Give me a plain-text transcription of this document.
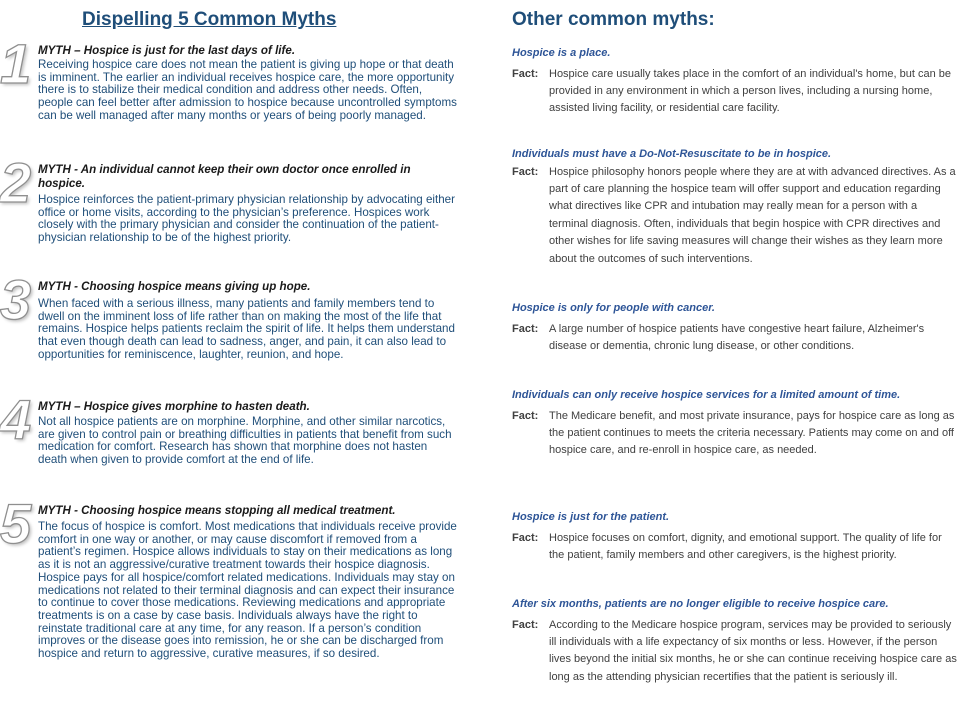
Dispelling 5 Common Myths
1 MYTH – Hospice is just for the last days of life.

Receiving hospice care does not mean the patient is giving up hope or that death is imminent. The earlier an individual receives hospice care, the more opportunity there is to stabilize their medical condition and address other needs. Often, people can feel better after admission to hospice because uncontrolled symptoms can be well managed after many months or years of being poorly managed.

2 MYTH - An individual cannot keep their own doctor once enrolled in hospice.

Hospice reinforces the patient-primary physician relationship by advocating either office or home visits, according to the physician’s preference. Hospices work closely with the primary physician and consider the continuation of the patient-physician relationship to be of the highest priority.

3 MYTH - Choosing hospice means giving up hope.

When faced with a serious illness, many patients and family members tend to dwell on the imminent loss of life rather than on making the most of the life that remains. Hospice helps patients reclaim the spirit of life. It helps them understand that even though death can lead to sadness, anger, and pain, it can also lead to opportunities for reminiscence, laughter, reunion, and hope.

4 MYTH – Hospice gives morphine to hasten death.

Not all hospice patients are on morphine. Morphine, and other similar narcotics, are given to control pain or breathing difficulties in patients that benefit from such medication for comfort. Research has shown that morphine does not hasten death when given to provide comfort at the end of life.

5 MYTH - Choosing hospice means stopping all medical treatment.

The focus of hospice is comfort. Most medications that individuals receive provide comfort in one way or another, or may cause discomfort if removed from a patient’s regimen. Hospice allows individuals to stay on their medications as long as it is not an aggressive/curative treatment towards their hospice diagnosis. Hospice pays for all hospice/comfort related medications. Individuals may stay on medications not related to their terminal diagnosis and can expect their insurance to continue to cover those medications. Reviewing medications and appropriate treatments is on a case by case basis. Individuals always have the right to reinstate traditional care at any time, for any reason. If a person’s condition improves or the disease goes into remission, he or she can be discharged from hospice and return to aggressive, curative measures, if so desired.

Other common myths:

Hospice is a place.

Fact: Hospice care usually takes place in the comfort of an individual's home, but can be provided in any environment in which a person lives, including a nursing home, assisted living facility, or residential care facility.

Individuals must have a Do-Not-Resuscitate to be in hospice.

Fact: Hospice philosophy honors people where they are at with advanced directives. As a part of care planning the hospice team will offer support and education regarding what directives like CPR and intubation may really mean for a person with a terminal diagnosis. Often, individuals that begin hospice with CPR directives and other wishes for life saving measures will change their wishes as they learn more about the outcomes of such interventions.

Hospice is only for people with cancer.

Fact: A large number of hospice patients have congestive heart failure, Alzheimer's disease or dementia, chronic lung disease, or other conditions.

Individuals can only receive hospice services for a limited amount of time.

Fact: The Medicare benefit, and most private insurance, pays for hospice care as long as the patient continues to meets the criteria necessary. Patients may come on and off hospice care, and re-enroll in hospice care, as needed.

Hospice is just for the patient.

Fact: Hospice focuses on comfort, dignity, and emotional support. The quality of life for the patient, family members and other caregivers, is the highest priority.

After six months, patients are no longer eligible to receive hospice care.

Fact: According to the Medicare hospice program, services may be provided to seriously ill individuals with a life expectancy of six months or less. However, if the person lives beyond the initial six months, he or she can continue receiving hospice care as long as the attending physician recertifies that the patient is seriously ill.
